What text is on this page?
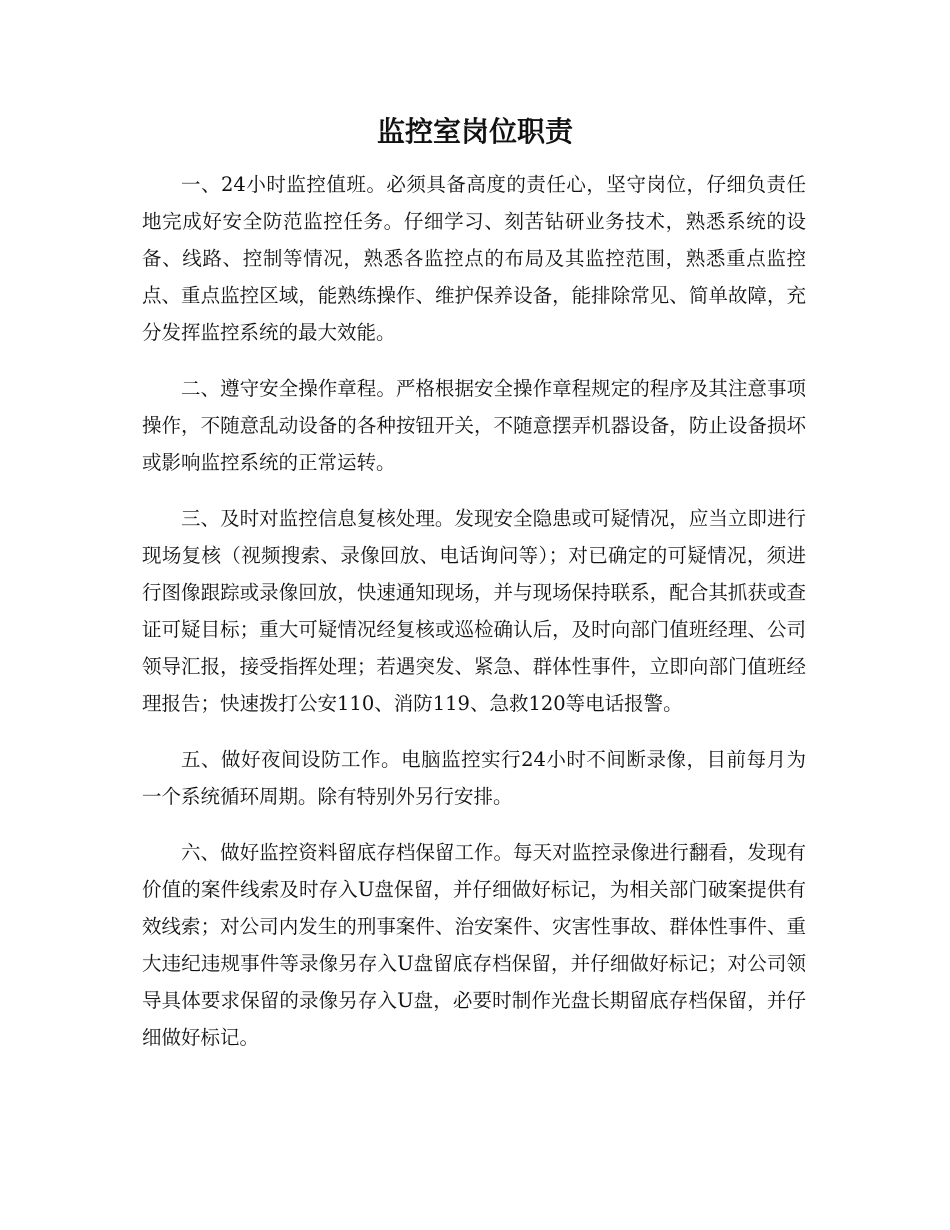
监控室岗位职责

一、24小时监控值班。必须具备高度的责任心，坚守岗位，仔细负责任地完成好安全防范监控任务。仔细学习、刻苦钻研业务技术，熟悉系统的设备、线路、控制等情况，熟悉各监控点的布局及其监控范围，熟悉重点监控点、重点监控区域，能熟练操作、维护保养设备，能排除常见、简单故障，充分发挥监控系统的最大效能。

二、遵守安全操作章程。严格根据安全操作章程规定的程序及其注意事项操作，不随意乱动设备的各种按钮开关，不随意摆弄机器设备，防止设备损坏或影响监控系统的正常运转。

三、及时对监控信息复核处理。发现安全隐患或可疑情况，应当立即进行现场复核（视频搜索、录像回放、电话询问等）；对已确定的可疑情况，须进行图像跟踪或录像回放，快速通知现场，并与现场保持联系，配合其抓获或查证可疑目标；重大可疑情况经复核或巡检确认后，及时向部门值班经理、公司领导汇报，接受指挥处理；若遇突发、紧急、群体性事件，立即向部门值班经理报告；快速拨打公安110、消防119、急救120等电话报警。

五、做好夜间设防工作。电脑监控实行24小时不间断录像，目前每月为一个系统循环周期。除有特别外另行安排。

六、做好监控资料留底存档保留工作。每天对监控录像进行翻看，发现有价值的案件线索及时存入U盘保留，并仔细做好标记，为相关部门破案提供有效线索；对公司内发生的刑事案件、治安案件、灾害性事故、群体性事件、重大违纪违规事件等录像另存入U盘留底存档保留，并仔细做好标记；对公司领导具体要求保留的录像另存入U盘，必要时制作光盘长期留底存档保留，并仔细做好标记。
